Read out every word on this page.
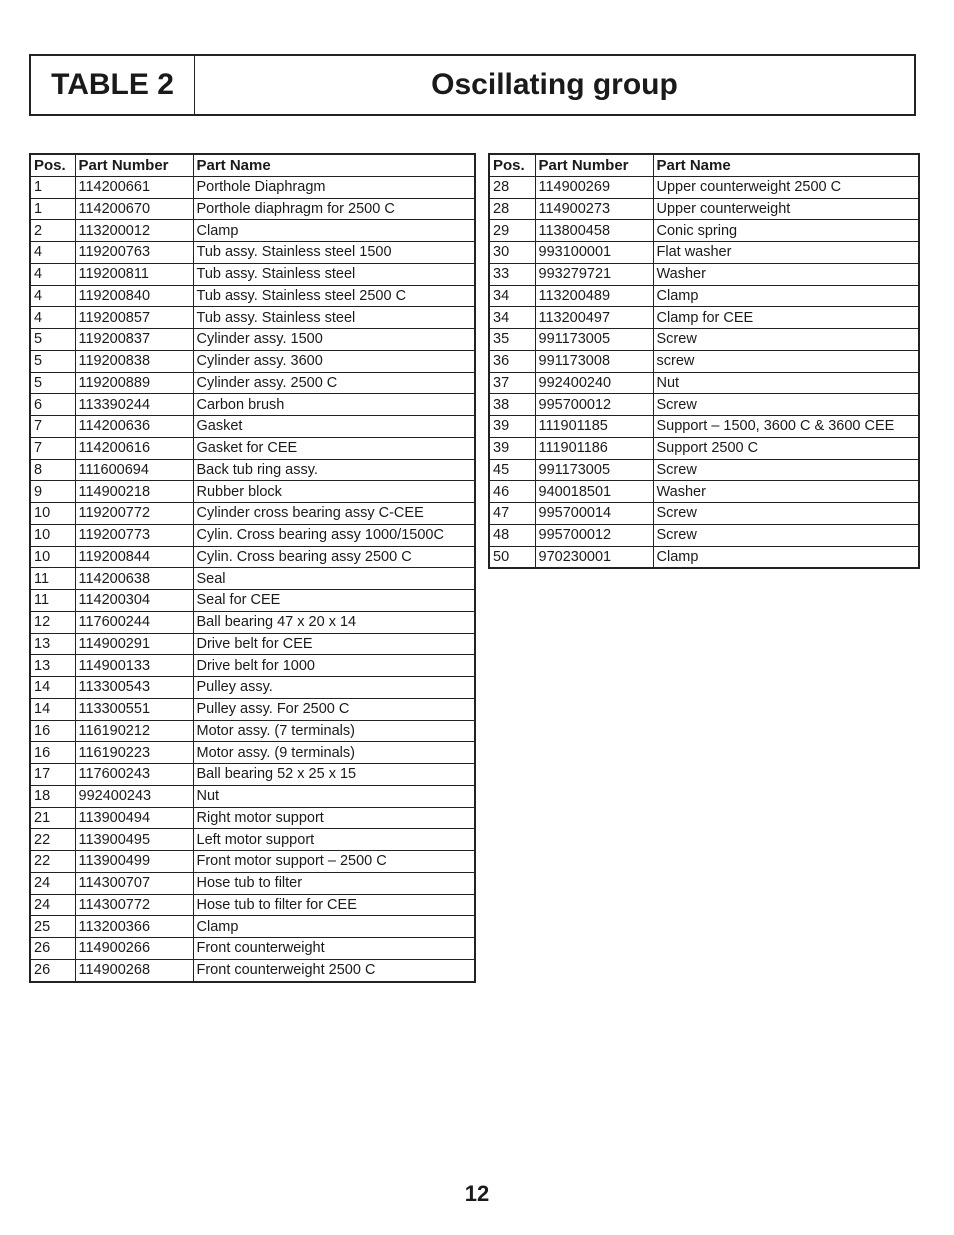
TABLE 2	Oscillating group
Pos.	Part Number	Part Name
1	114200661	Porthole Diaphragm
1	114200670	Porthole diaphragm for 2500 C
2	113200012	Clamp
4	119200763	Tub assy. Stainless steel 1500
4	119200811	Tub assy. Stainless steel
4	119200840	Tub assy. Stainless steel 2500 C
4	119200857	Tub assy. Stainless steel
5	119200837	Cylinder assy. 1500
5	119200838	Cylinder assy. 3600
5	119200889	Cylinder assy. 2500 C
6	113390244	Carbon brush
7	114200636	Gasket
7	114200616	Gasket for CEE
8	111600694	Back tub ring assy.
9	114900218	Rubber block
10	119200772	Cylinder cross bearing assy C-CEE
10	119200773	Cylin. Cross bearing assy 1000/1500C
10	119200844	Cylin. Cross bearing assy 2500 C
11	114200638	Seal
11	114200304	Seal for CEE
12	117600244	Ball bearing 47 x 20 x 14
13	114900291	Drive belt for CEE
13	114900133	Drive belt for 1000
14	113300543	Pulley assy.
14	113300551	Pulley assy. For 2500 C
16	116190212	Motor assy. (7 terminals)
16	116190223	Motor assy. (9 terminals)
17	117600243	Ball bearing 52 x 25 x 15
18	992400243	Nut
21	113900494	Right motor support
22	113900495	Left motor support
22	113900499	Front motor support – 2500 C
24	114300707	Hose tub to filter
24	114300772	Hose tub to filter for CEE
25	113200366	Clamp
26	114900266	Front counterweight
26	114900268	Front counterweight 2500 C
Pos.	Part Number	Part Name
28	114900269	Upper counterweight 2500 C
28	114900273	Upper counterweight
29	113800458	Conic spring
30	993100001	Flat washer
33	993279721	Washer
34	113200489	Clamp
34	113200497	Clamp for CEE
35	991173005	Screw
36	991173008	screw
37	992400240	Nut
38	995700012	Screw
39	111901185	Support – 1500, 3600 C & 3600 CEE
39	111901186	Support 2500 C
45	991173005	Screw
46	940018501	Washer
47	995700014	Screw
48	995700012	Screw
50	970230001	Clamp
12
